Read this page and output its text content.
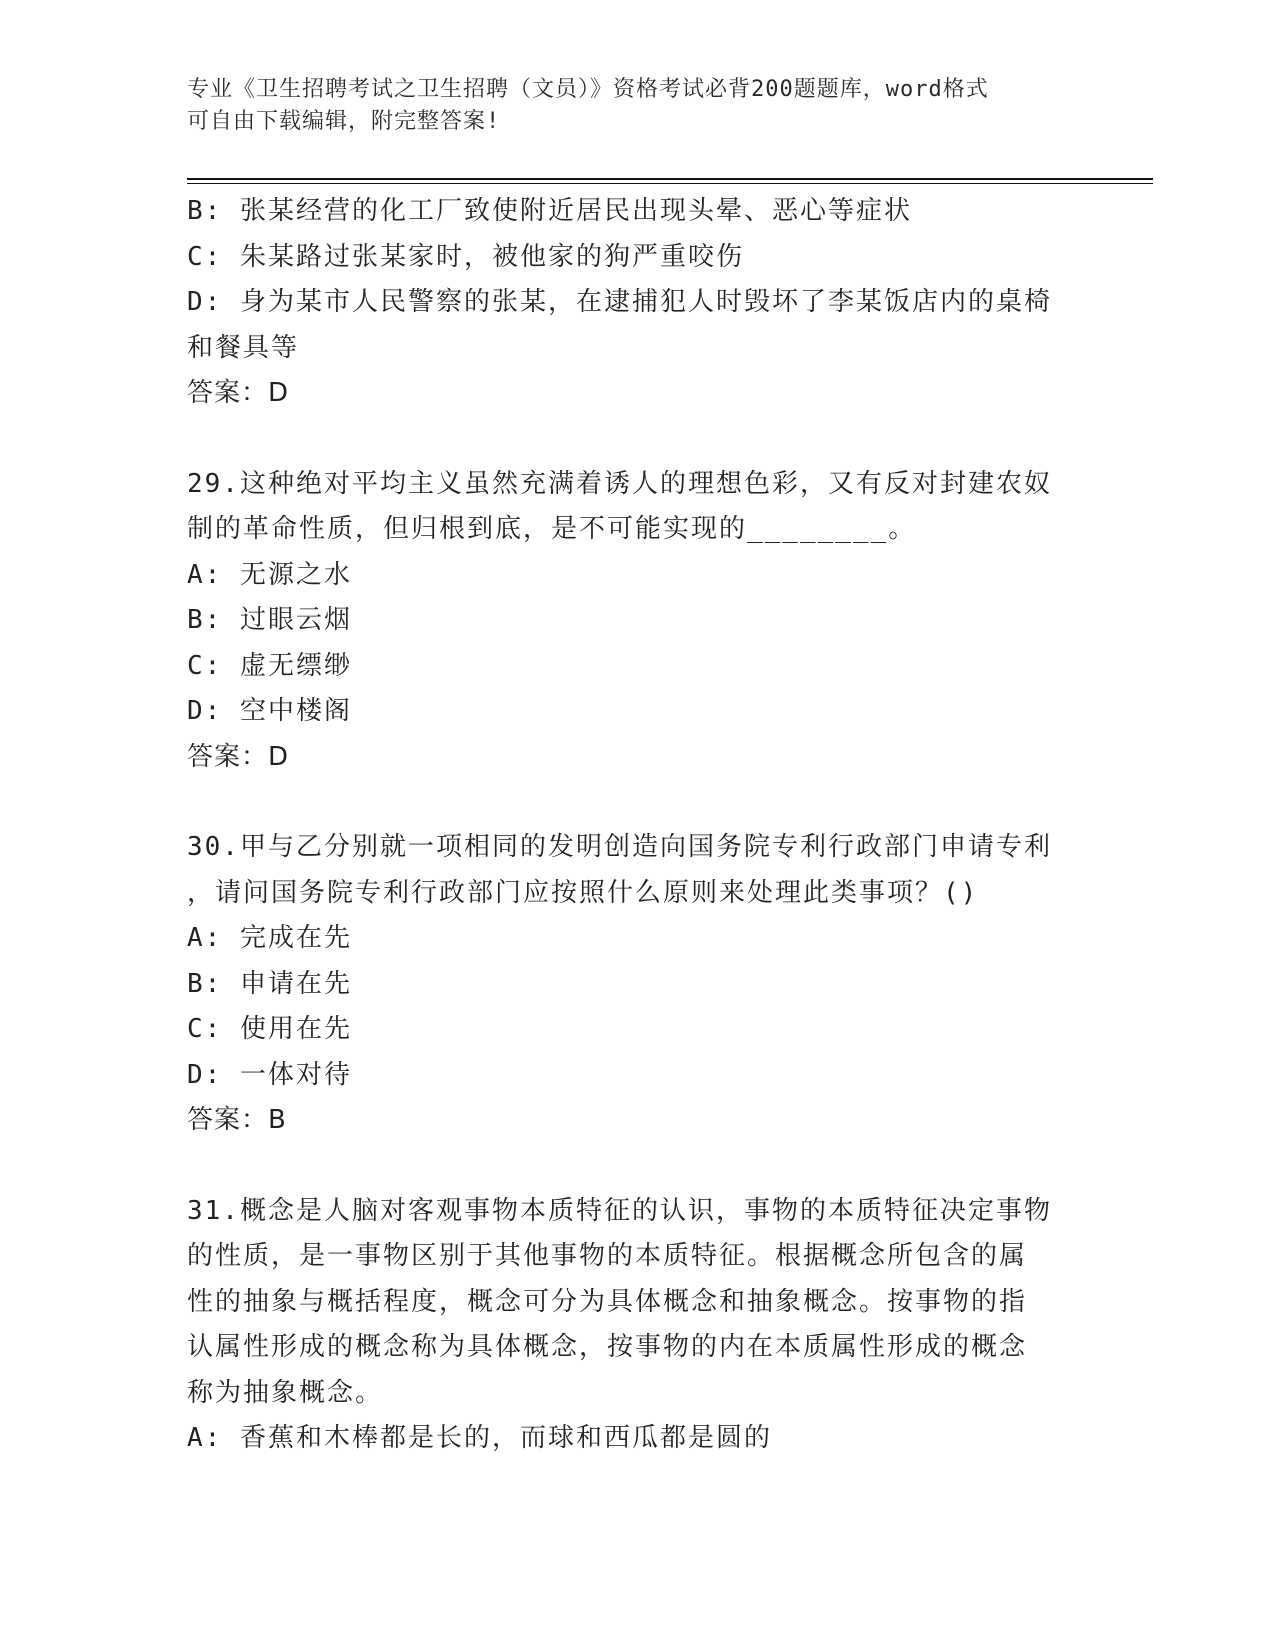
专业《卫生招聘考试之卫生招聘（文员）》资格考试必背200题题库，word格式
可自由下载编辑，附完整答案!
B: 张某经营的化工厂致使附近居民出现头晕、恶心等症状
C: 朱某路过张某家时，被他家的狗严重咬伤
D: 身为某市人民警察的张某，在逮捕犯人时毁坏了李某饭店内的桌椅
和餐具等
答案：D
29.这种绝对平均主义虽然充满着诱人的理想色彩，又有反对封建农奴
制的革命性质，但归根到底，是不可能实现的________。
A: 无源之水
B: 过眼云烟
C: 虚无缥缈
D: 空中楼阁
答案：D
30.甲与乙分别就一项相同的发明创造向国务院专利行政部门申请专利
，请问国务院专利行政部门应按照什么原则来处理此类事项？()
A: 完成在先
B: 申请在先
C: 使用在先
D: 一体对待
答案：B
31.概念是人脑对客观事物本质特征的认识，事物的本质特征决定事物
的性质，是一事物区别于其他事物的本质特征。根据概念所包含的属
性的抽象与概括程度，概念可分为具体概念和抽象概念。按事物的指
认属性形成的概念称为具体概念，按事物的内在本质属性形成的概念
称为抽象概念。
A: 香蕉和木棒都是长的，而球和西瓜都是圆的
